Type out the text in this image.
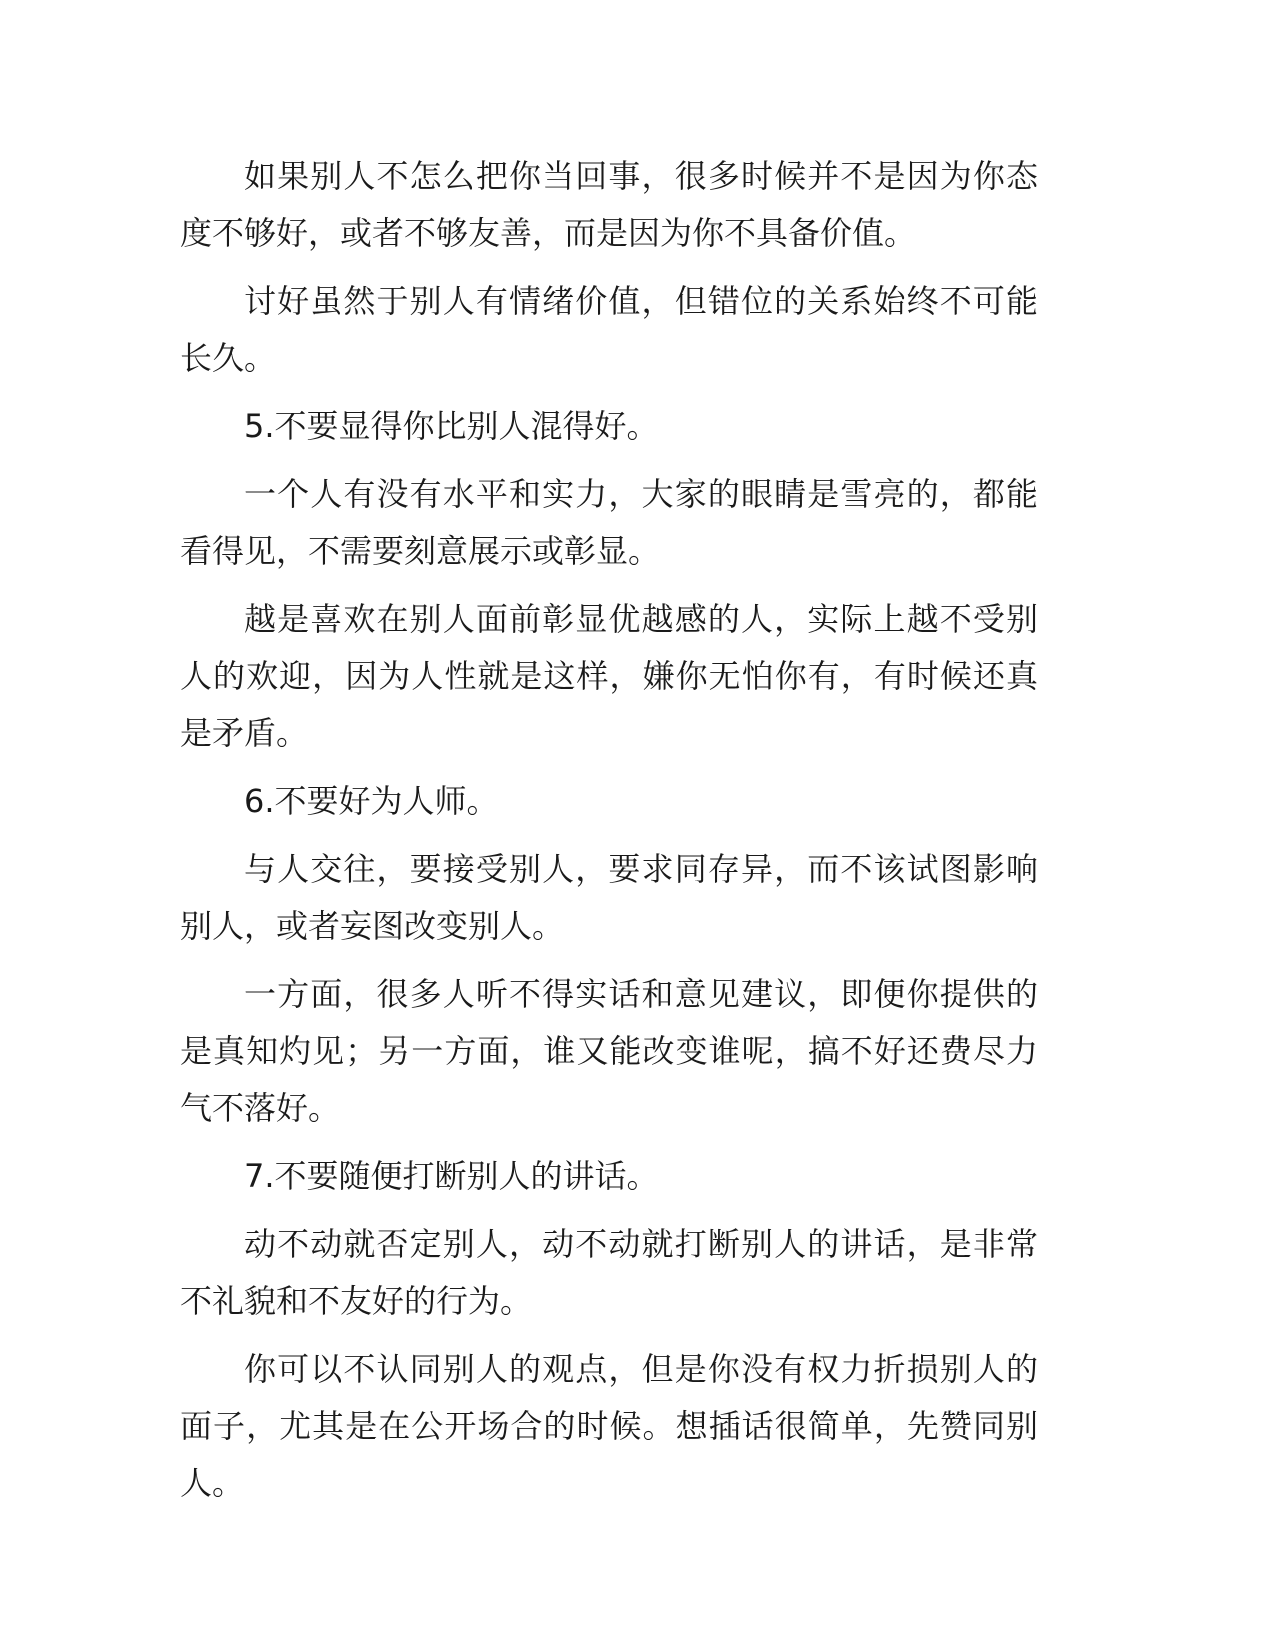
如果别人不怎么把你当回事，很多时候并不是因为你态度不够好，或者不够友善，而是因为你不具备价值。

讨好虽然于别人有情绪价值，但错位的关系始终不可能长久。

5.不要显得你比别人混得好。

一个人有没有水平和实力，大家的眼睛是雪亮的，都能看得见，不需要刻意展示或彰显。

越是喜欢在别人面前彰显优越感的人，实际上越不受别人的欢迎，因为人性就是这样，嫌你无怕你有，有时候还真是矛盾。

6.不要好为人师。

与人交往，要接受别人，要求同存异，而不该试图影响别人，或者妄图改变别人。

一方面，很多人听不得实话和意见建议，即便你提供的是真知灼见；另一方面，谁又能改变谁呢，搞不好还费尽力气不落好。

7.不要随便打断别人的讲话。

动不动就否定别人，动不动就打断别人的讲话，是非常不礼貌和不友好的行为。

你可以不认同别人的观点，但是你没有权力折损别人的面子，尤其是在公开场合的时候。想插话很简单，先赞同别人。
